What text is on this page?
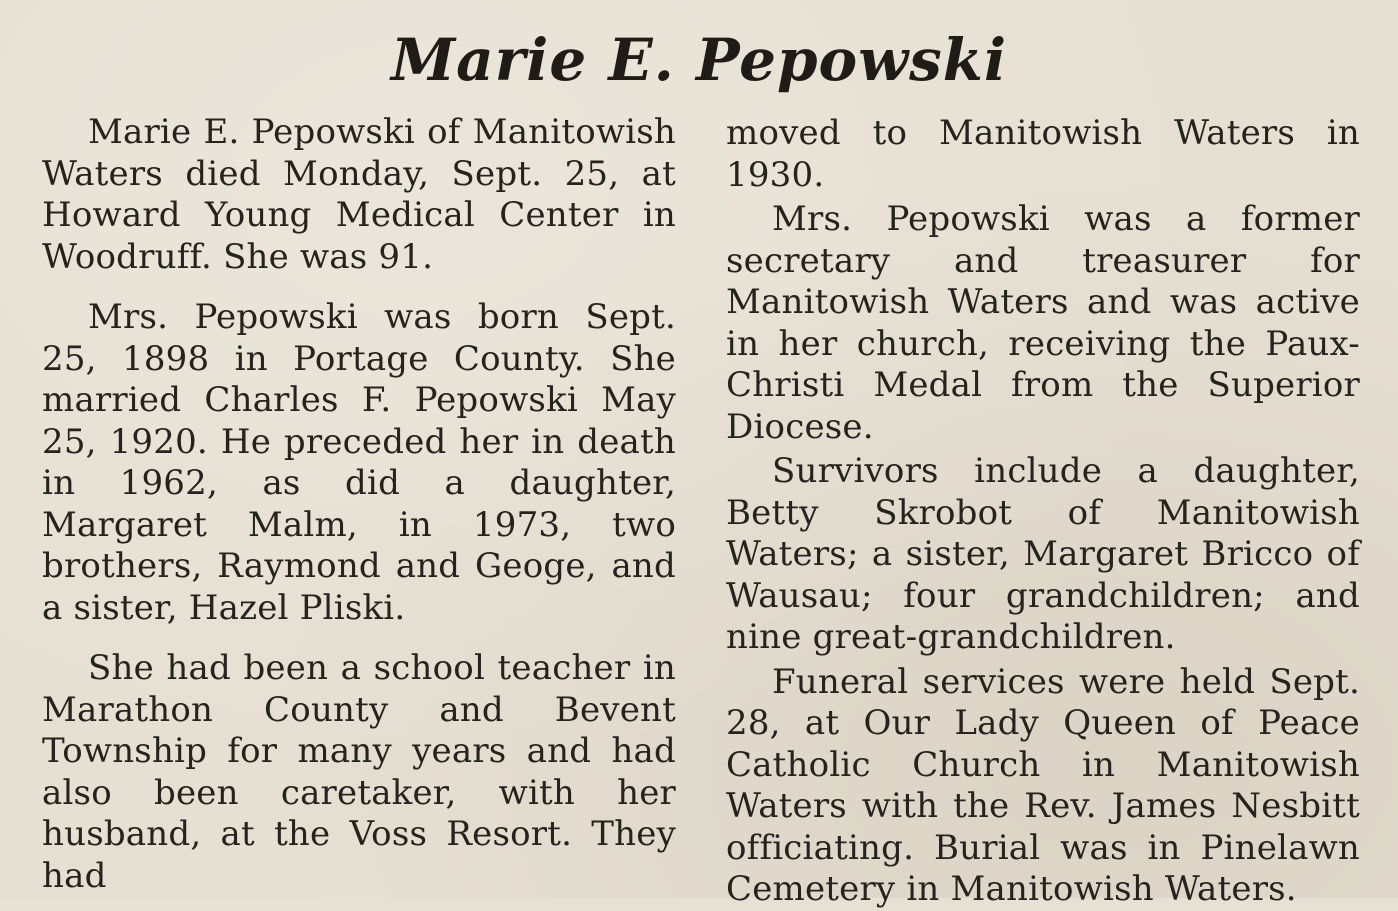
Marie E. Pepowski

Marie E. Pepowski of Manitowish Waters died Monday, Sept. 25, at Howard Young Medical Center in Woodruff. She was 91.

Mrs. Pepowski was born Sept. 25, 1898 in Portage County. She married Charles F. Pepowski May 25, 1920. He preceded her in death in 1962, as did a daughter, Margaret Malm, in 1973, two brothers, Raymond and Geoge, and a sister, Hazel Pliski.

She had been a school teacher in Marathon County and Bevent Township for many years and had also been caretaker, with her husband, at the Voss Resort. They had

moved to Manitowish Waters in 1930.

Mrs. Pepowski was a former secretary and treasurer for Manitowish Waters and was active in her church, receiving the Paux-Christi Medal from the Superior Diocese.

Survivors include a daughter, Betty Skrobot of Manitowish Waters; a sister, Margaret Bricco of Wausau; four grandchildren; and nine great-grandchildren.

Funeral services were held Sept. 28, at Our Lady Queen of Peace Catholic Church in Manitowish Waters with the Rev. James Nesbitt officiating. Burial was in Pinelawn Cemetery in Manitowish Waters.
